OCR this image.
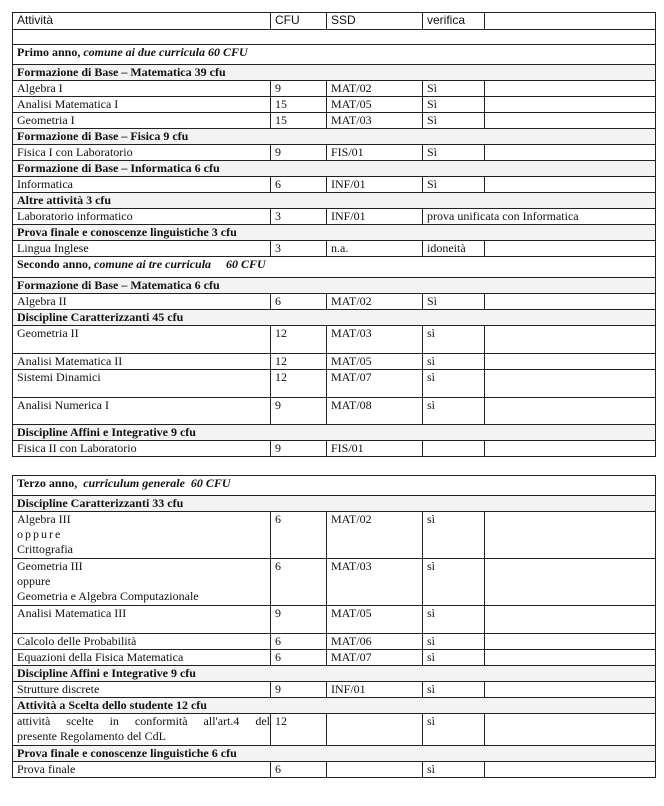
Attività	CFU	SSD	verifica	

Primo anno, comune ai due curricula 60 CFU				
Formazione di Base – Matematica 39 cfu				
Algebra I	9	MAT/02	Sì	
Analisi Matematica I	15	MAT/05	Sì	
Geometria I	15	MAT/03	Sì	
Formazione di Base – Fisica 9 cfu				
Fisica I con Laboratorio	9	FIS/01	Sì	
Formazione di Base – Informatica 6 cfu				
Informatica	6	INF/01	Sì	
Altre attività 3 cfu				
Laboratorio informatico	3	INF/01	prova unificata con Informatica	
Prova finale e conoscenze linguistiche 3 cfu				
Lingua Inglese	3	n.a.	idoneità	
Secondo anno, comune ai tre curricula 60 CFU				
Formazione di Base – Matematica 6 cfu				
Algebra II	6	MAT/02	Sì	
Discipline Caratterizzanti 45 cfu				
Geometria II	12	MAT/03	sì	
Analisi Matematica II	12	MAT/05	sì	
Sistemi Dinamici	12	MAT/07	sì	
Analisi Numerica I	9	MAT/08	sì	
Discipline Affini e Integrative 9 cfu				
Fisica II con Laboratorio	9	FIS/01		
Terzo anno, curriculum generale 60 CFU				
Discipline Caratterizzanti 33 cfu				

Algebra III
oppure
Crittografia	6	MAT/02	sì	

Geometria III
oppure
Geometria e Algebra Computazionale	6	MAT/03	sì	
Analisi Matematica III	9	MAT/05	sì	
Calcolo delle Probabilità	6	MAT/06	sì	
Equazioni della Fisica Matematica	6	MAT/07	sì	
Discipline Affini e Integrative 9 cfu				
Strutture discrete	9	INF/01	sì	
Attività a Scelta dello studente 12 cfu				

attività scelte in conformità all'art.4 del
presente Regolamento del CdL	12		sì	
Prova finale e conoscenze linguistiche 6 cfu				
Prova finale	6		sì	
